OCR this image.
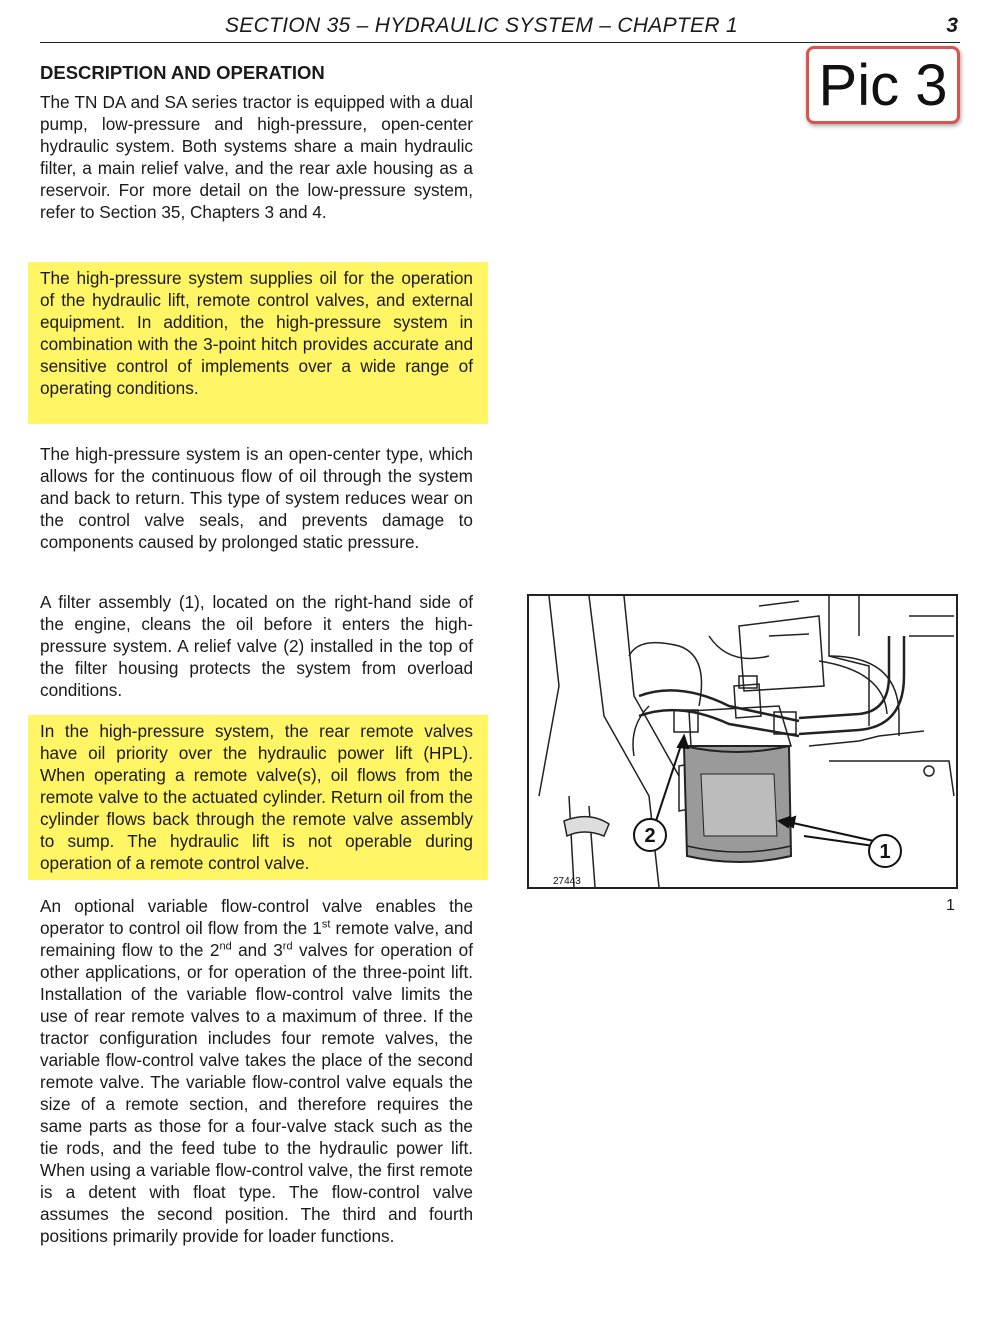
SECTION 35 – HYDRAULIC SYSTEM – CHAPTER 1	3
Pic 3
DESCRIPTION AND OPERATION

The TN DA and SA series tractor is equipped with a dual pump, low-pressure and high-pressure, open-center hydraulic system. Both systems share a main hydraulic filter, a main relief valve, and the rear axle housing as a reservoir. For more detail on the low-pressure system, refer to Section 35, Chapters 3 and 4.

The high-pressure system supplies oil for the operation of the hydraulic lift, remote control valves, and external equipment. In addition, the high-pressure system in combination with the 3-point hitch provides accurate and sensitive control of implements over a wide range of operating conditions.

The high-pressure system is an open-center type, which allows for the continuous flow of oil through the system and back to return. This type of system reduces wear on the control valve seals, and prevents damage to components caused by prolonged static pressure.

A filter assembly (1), located on the right-hand side of the engine, cleans the oil before it enters the high-pressure system. A relief valve (2) installed in the top of the filter housing protects the system from overload conditions.

In the high-pressure system, the rear remote valves have oil priority over the hydraulic power lift (HPL). When operating a remote valve(s), oil flows from the remote valve to the actuated cylinder. Return oil from the cylinder flows back through the remote valve assembly to sump. The hydraulic lift is not operable during operation of a remote control valve.

An optional variable flow-control valve enables the operator to control oil flow from the 1st remote valve, and remaining flow to the 2nd and 3rd valves for operation of other applications, or for operation of the three-point lift. Installation of the variable flow-control valve limits the use of rear remote valves to a maximum of three. If the tractor configuration includes four remote valves, the variable flow-control valve takes the place of the second remote valve. The variable flow-control valve equals the size of a remote section, and therefore requires the same parts as those for a four-valve stack such as the tie rods, and the feed tube to the hydraulic power lift. When using a variable flow-control valve, the first remote is a detent with float type. The flow-control valve assumes the second position. The third and fourth positions primarily provide for loader functions.

2
1
27443
1
